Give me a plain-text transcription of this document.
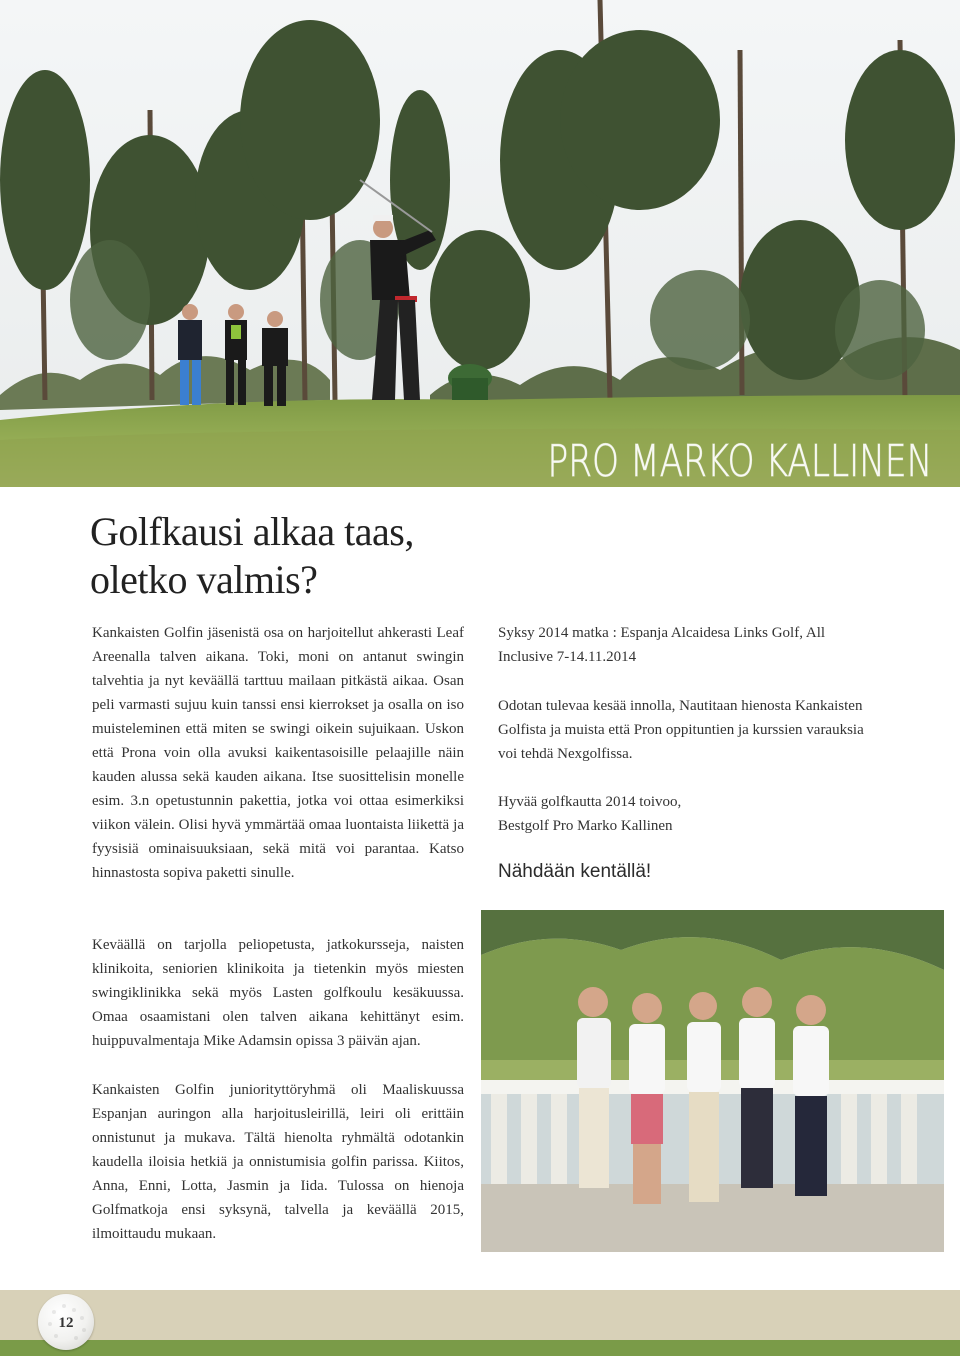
PRO MARKO KALLINEN
Golfkausi alkaa taas,
oletko valmis?
Kankaisten Golfin jäsenistä osa on harjoitellut ahkerasti Leaf Areenalla talven aikana. Toki, moni on antanut swingin talvehtia ja nyt keväällä tarttuu mailaan pitkästä aikaa. Osan peli varmasti sujuu kuin tanssi ensi kierrokset ja osalla on iso muisteleminen että miten se swingi oikein sujuikaan. Uskon että Prona voin olla avuksi kaikentasoisille pelaajille näin kauden alussa sekä kauden aikana. Itse suosittelisin monelle esim. 3.n opetustunnin pakettia, jotka voi ottaa esimerkiksi viikon välein. Olisi hyvä ymmärtää omaa luontaista liikettä ja fyysisiä ominaisuuksiaan, sekä mitä voi parantaa. Katso hinnastosta sopiva paketti sinulle.
Keväällä on tarjolla peliopetusta, jatkokursseja, naisten klinikoita, seniorien klinikoita ja tietenkin myös miesten swingiklinikka sekä myös Lasten golfkoulu kesäkuussa. Omaa osaamistani olen talven aikana kehittänyt esim. huippuvalmentaja Mike Adamsin opissa 3 päivän ajan.
Kankaisten Golfin juniorityttöryhmä oli Maaliskuussa Espanjan auringon alla harjoitusleirillä, leiri oli erittäin onnistunut ja mukava. Tältä hienolta ryhmältä odotankin kaudella iloisia hetkiä ja onnistumisia golfin parissa. Kiitos, Anna, Enni, Lotta, Jasmin ja Iida. Tulossa on hienoja Golfmatkoja ensi syksynä, talvella ja keväällä 2015, ilmoittaudu mukaan.
Syksy 2014 matka : Espanja Alcaidesa Links Golf, All Inclusive 7-14.11.2014
Odotan tulevaa kesää innolla, Nautitaan hienosta Kankaisten Golfista ja muista että Pron oppituntien ja kurssien varauksia voi tehdä Nexgolfissa.
Hyvää golfkautta 2014 toivoo,
Bestgolf Pro Marko Kallinen
Nähdään kentällä!
12
